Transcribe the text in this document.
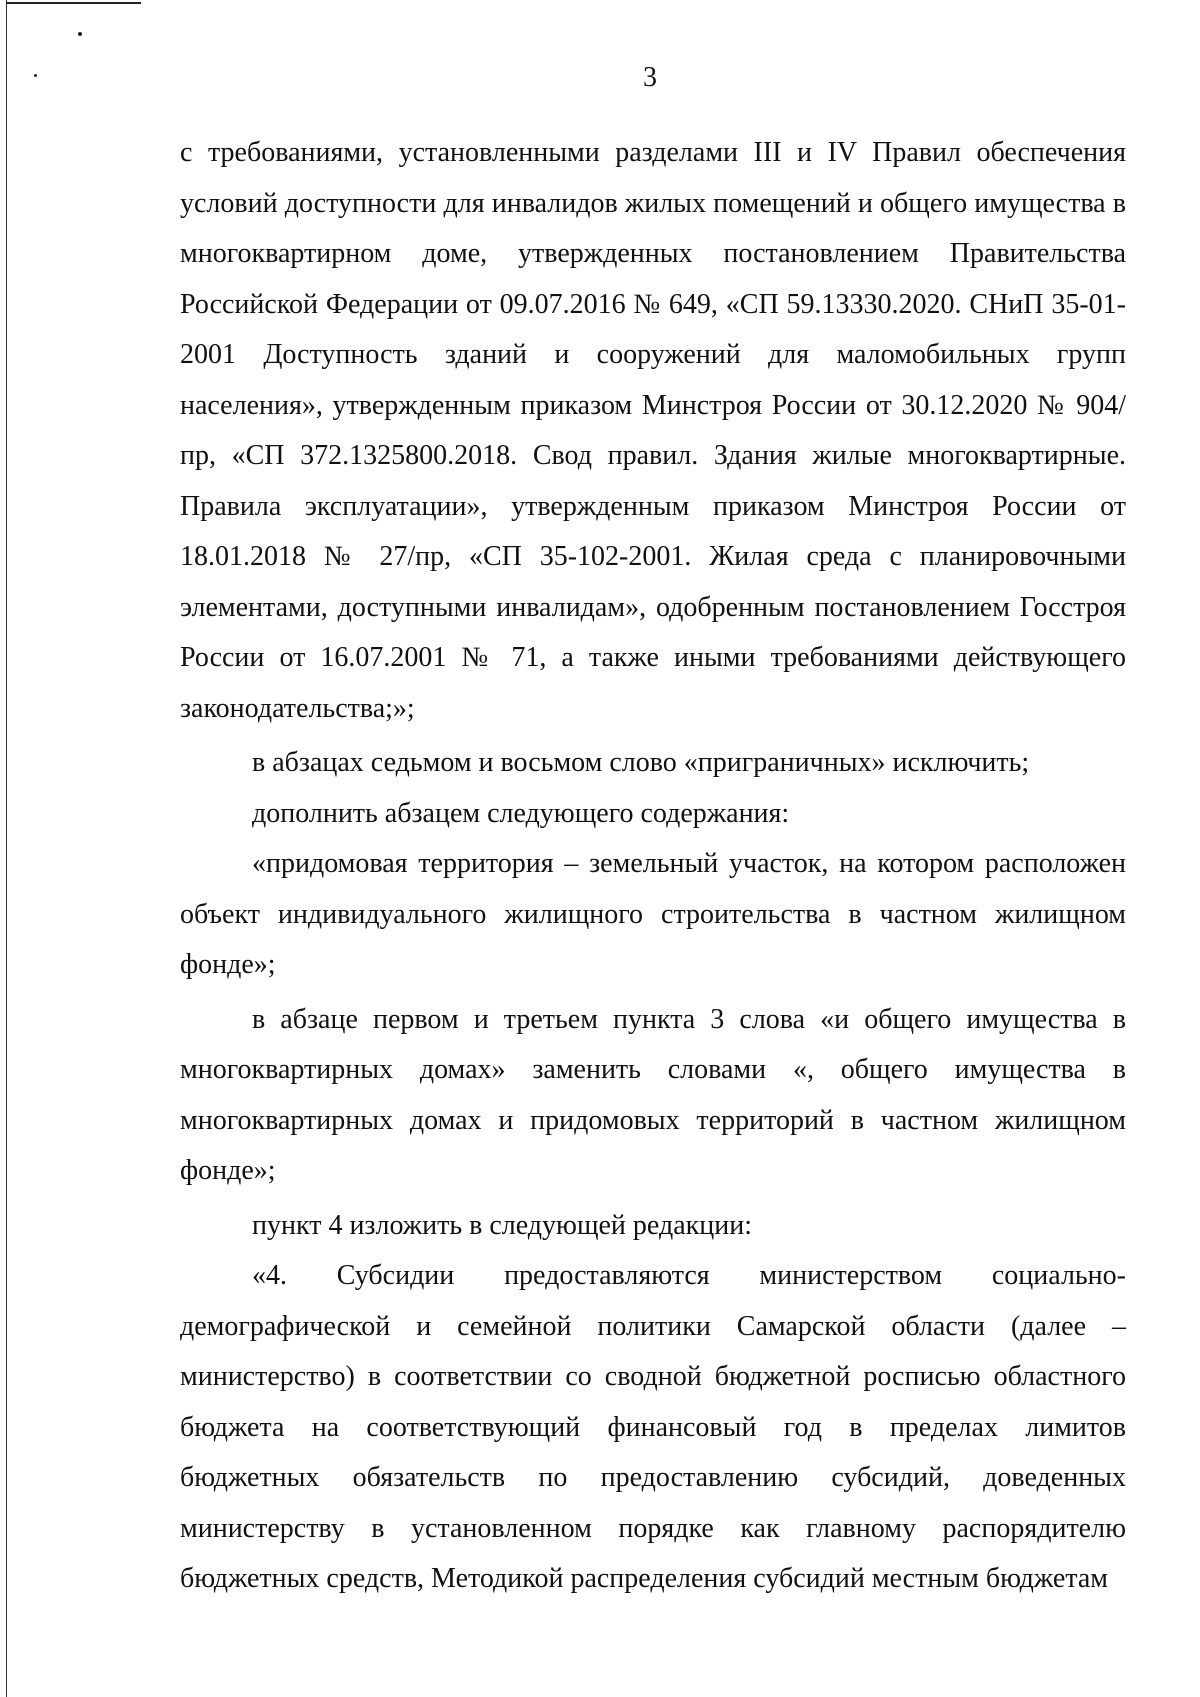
3

с требованиями, установленными разделами III и IV Правил обеспечения условий доступности для инвалидов жилых помещений и общего имущества в многоквартирном доме, утвержденных постановлением Правительства Российской Федерации от 09.07.2016 № 649, «СП 59.13330.2020. СНиП 35-01-2001 Доступность зданий и сооружений для маломобильных групп населения», утвержденным приказом Минстроя России от 30.12.2020 № 904/пр, «СП 372.1325800.2018. Свод правил. Здания жилые многоквартирные. Правила эксплуатации», утвержденным приказом Минстроя России от 18.01.2018 № 27/пр, «СП 35-102-2001. Жилая среда с планировочными элементами, доступными инвалидам», одобренным постановлением Госстроя России от 16.07.2001 № 71, а также иными требованиями действующего законодательства;»;

в абзацах седьмом и восьмом слово «приграничных» исключить;

дополнить абзацем следующего содержания:

«придомовая территория – земельный участок, на котором расположен объект индивидуального жилищного строительства в частном жилищном фонде»;

в абзаце первом и третьем пункта 3 слова «и общего имущества в многоквартирных домах» заменить словами «, общего имущества в многоквартирных домах и придомовых территорий в частном жилищном фонде»;

пункт 4 изложить в следующей редакции:

«4. Субсидии предоставляются министерством социально-демографической и семейной политики Самарской области (далее – министерство) в соответствии со сводной бюджетной росписью областного бюджета на соответствующий финансовый год в пределах лимитов бюджетных обязательств по предоставлению субсидий, доведенных министерству в установленном порядке как главному распорядителю бюджетных средств, Методикой распределения субсидий местным бюджетам
